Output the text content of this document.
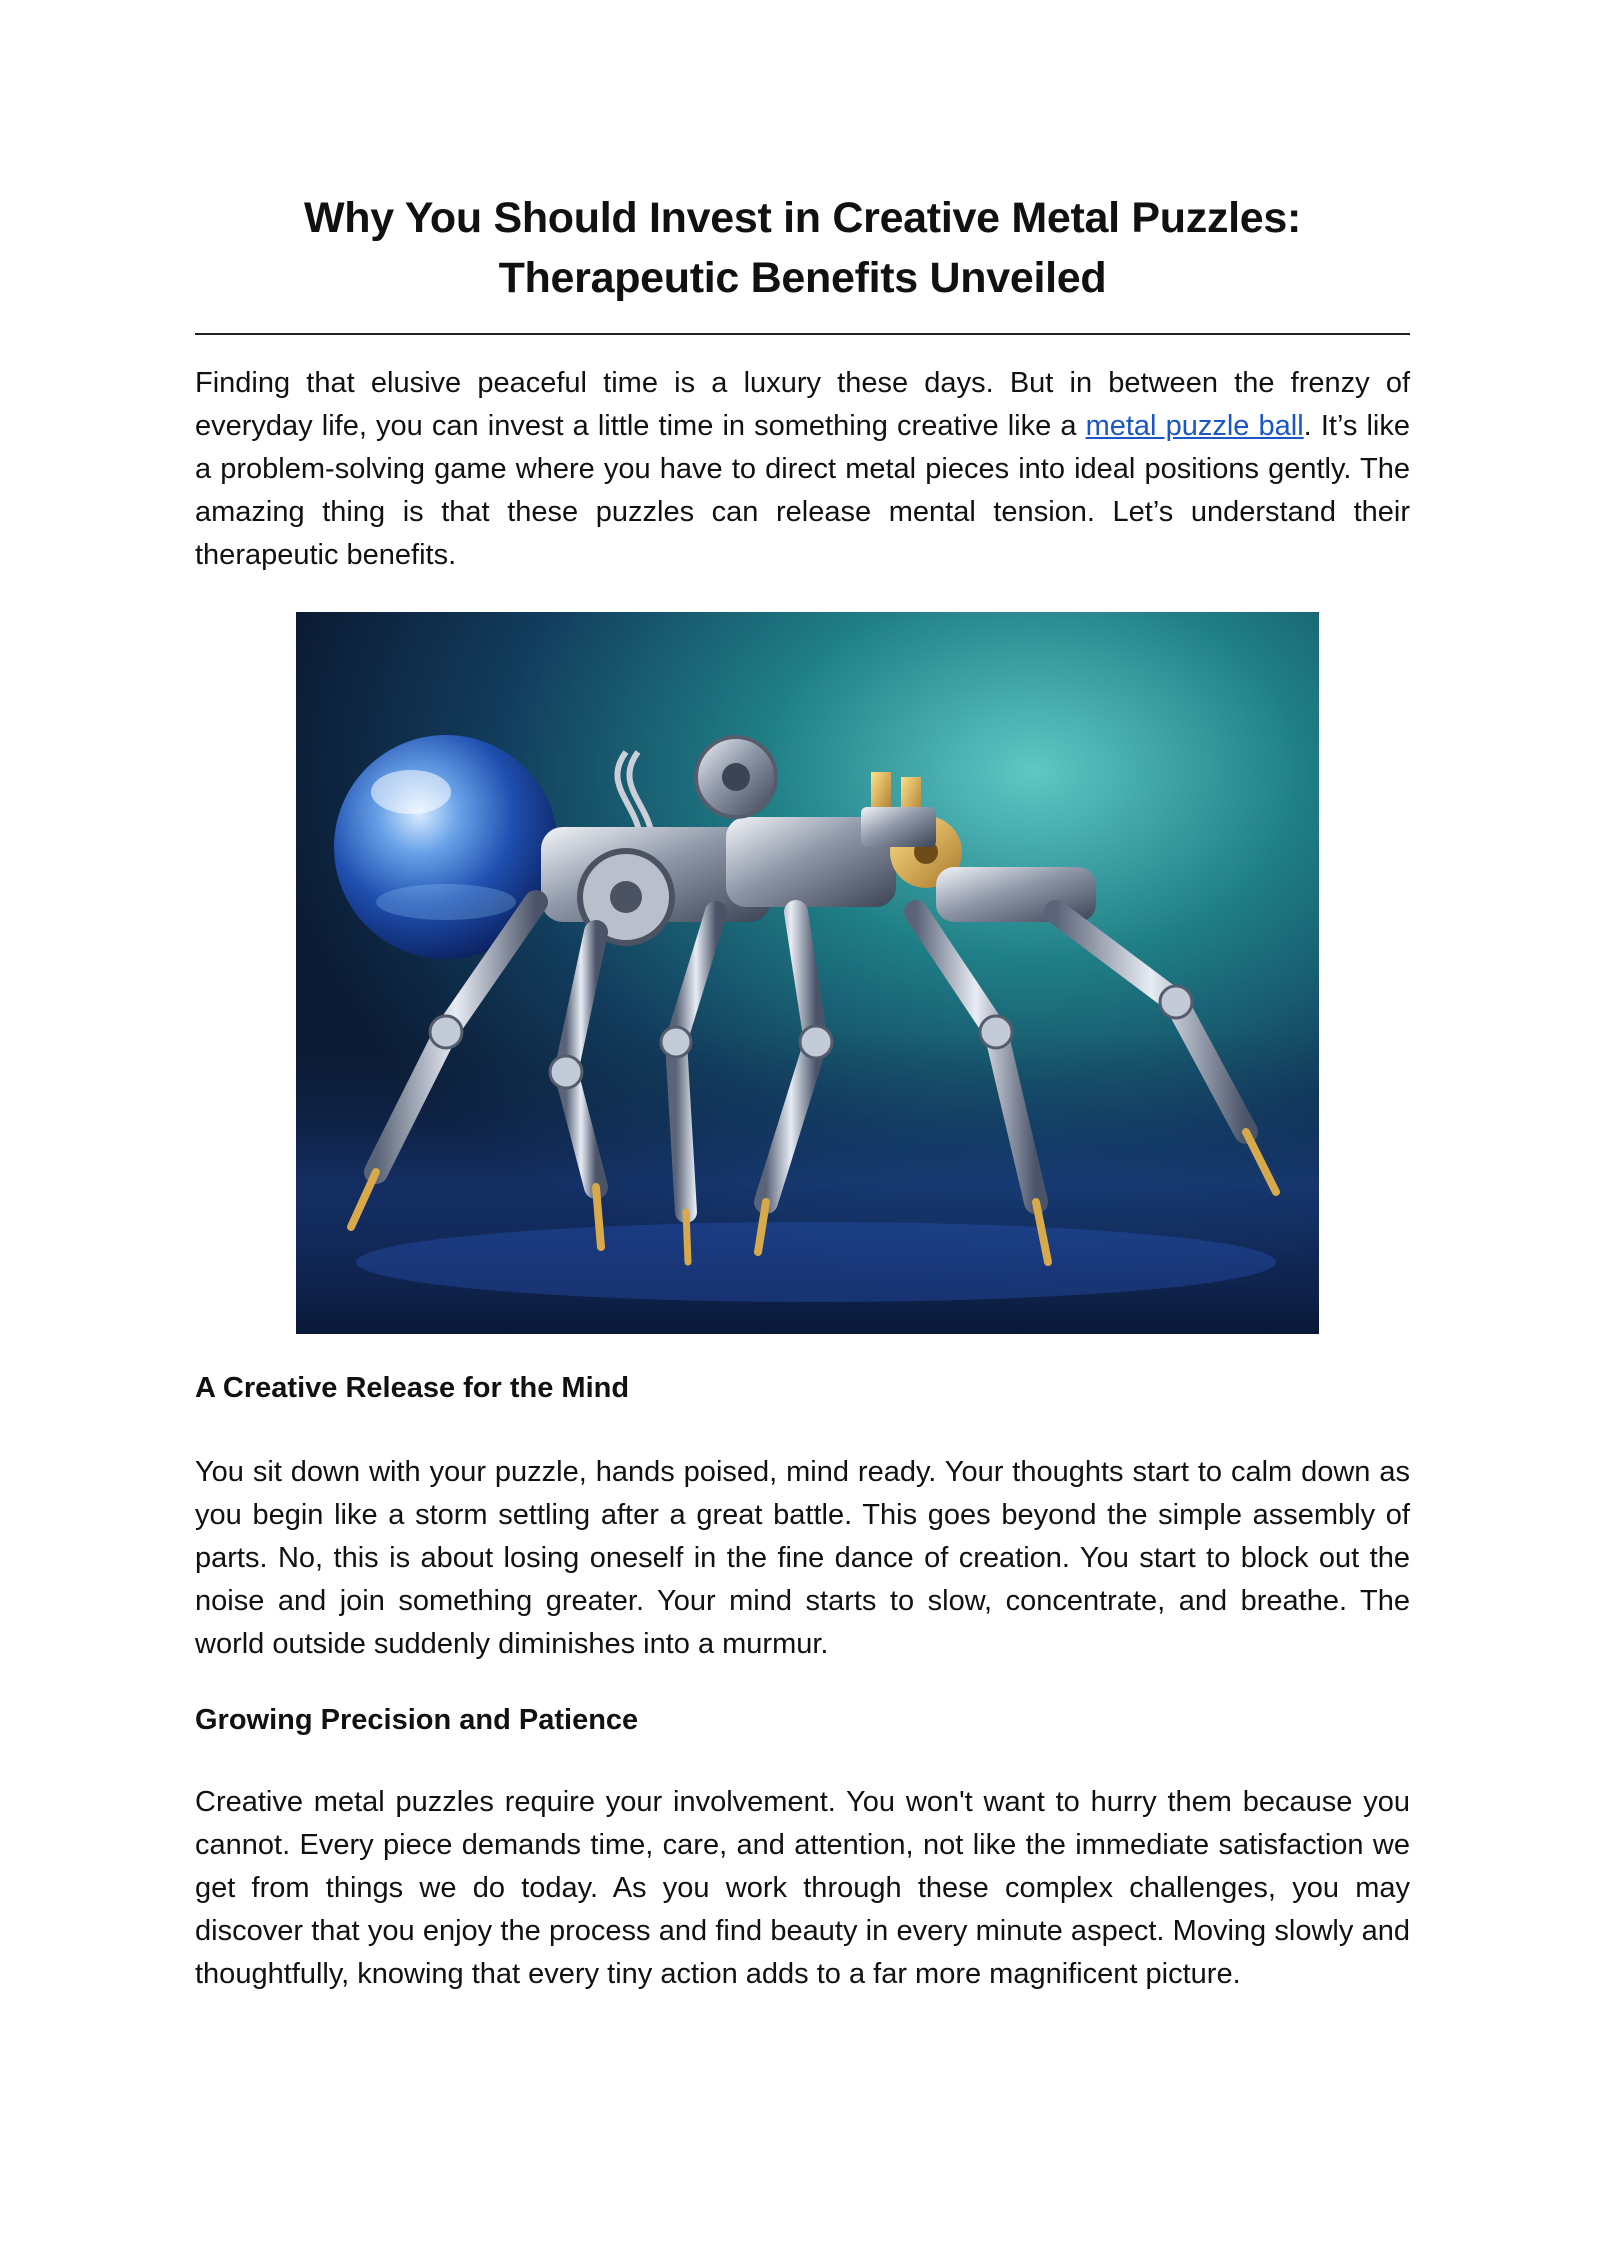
Why You Should Invest in Creative Metal Puzzles:
Therapeutic Benefits Unveiled

Finding that elusive peaceful time is a luxury these days. But in between the frenzy of everyday life, you can invest a little time in something creative like a metal puzzle ball. It’s like a problem-solving game where you have to direct metal pieces into ideal positions gently. The amazing thing is that these puzzles can release mental tension. Let’s understand their therapeutic benefits.

A Creative Release for the Mind

You sit down with your puzzle, hands poised, mind ready. Your thoughts start to calm down as you begin like a storm settling after a great battle. This goes beyond the simple assembly of parts. No, this is about losing oneself in the fine dance of creation. You start to block out the noise and join something greater. Your mind starts to slow, concentrate, and breathe. The world outside suddenly diminishes into a murmur.

Growing Precision and Patience

Creative metal puzzles require your involvement. You won't want to hurry them because you cannot. Every piece demands time, care, and attention, not like the immediate satisfaction we get from things we do today. As you work through these complex challenges, you may discover that you enjoy the process and find beauty in every minute aspect. Moving slowly and thoughtfully, knowing that every tiny action adds to a far more magnificent picture.
